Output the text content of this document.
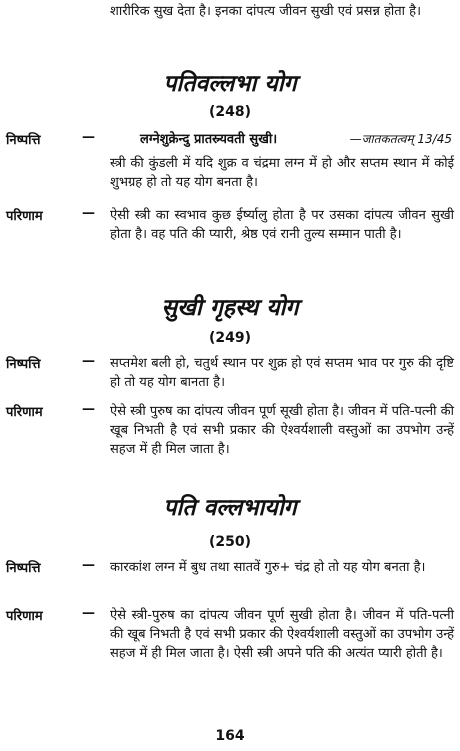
शारीरिक सुख देता है। इनका दांपत्य जीवन सुखी एवं प्रसन्न होता है।
पतिवल्लभा योग
(248)
निष्पत्ति	—	लग्नेशुक्रेन्दु प्रातस्र्यवती सुखी।	—जातकतत्वम् 13/45
स्त्री की कुंडली में यदि शुक्र व चंद्रमा लग्न में हो और सप्तम स्थान में कोई शुभग्रह हो तो यह योग बनता है।
परिणाम	— ऐसी स्त्री का स्वभाव कुछ ईर्ष्यालु होता है पर उसका दांपत्य जीवन सुखी होता है। वह पति की प्यारी, श्रेष्ठ एवं रानी तुल्य सम्मान पाती है।
सुखी गृहस्थ योग
(249)
निष्पत्ति	— सप्तमेश बली हो, चतुर्थ स्थान पर शुक्र हो एवं सप्तम भाव पर गुरु की दृष्टि हो तो यह योग बानता है।
परिणाम	— ऐसे स्त्री पुरुष का दांपत्य जीवन पूर्ण सूखी होता है। जीवन में पति-पत्नी की खूब निभती है एवं सभी प्रकार की ऐश्वर्यशाली वस्तुओं का उपभोग उन्हें सहज में ही मिल जाता है।
पति वल्लभायोग
(250)
निष्पत्ति	— कारकांश लग्न में बुध तथा सातवें गुरु+ चंद्र हो तो यह योग बनता है।
परिणाम	— ऐसे स्त्री-पुरुष का दांपत्य जीवन पूर्ण सुखी होता है। जीवन में पति-पत्नी की खूब निभती है एवं सभी प्रकार की ऐश्वर्यशाली वस्तुओं का उपभोग उन्हें सहज में ही मिल जाता है। ऐसी स्त्री अपने पति की अत्यंत प्यारी होती है।
164
